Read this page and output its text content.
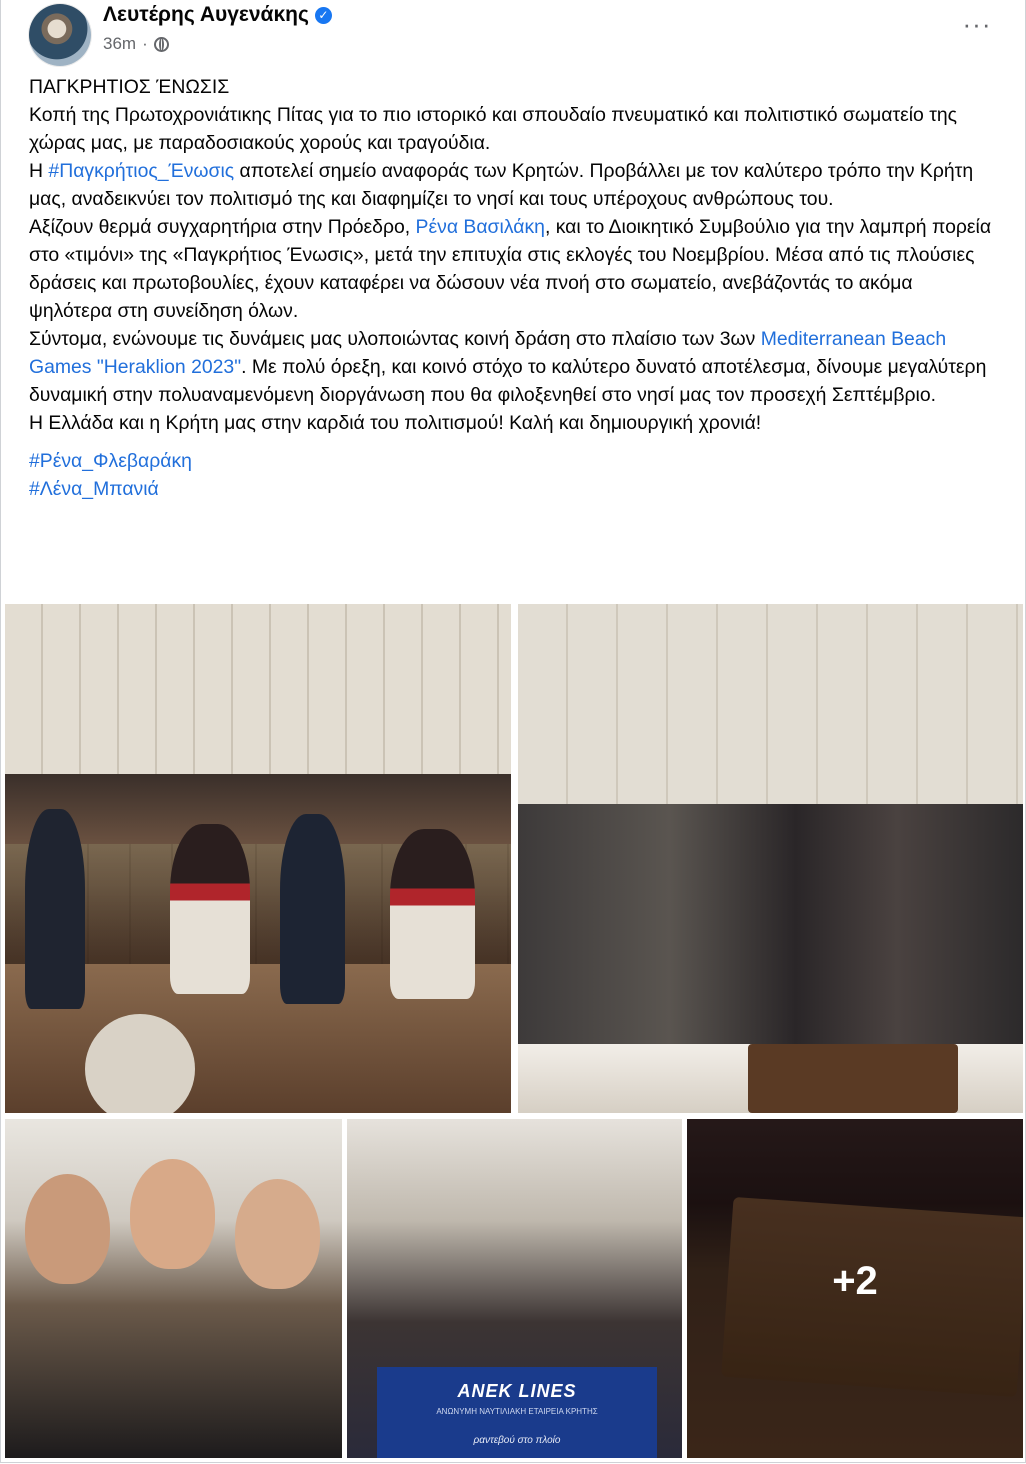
Λευτέρης Αυγενάκης ✓
36m ·
···

ΠΑΓΚΡΗΤΙΟΣ ΈΝΩΣΙΣ

Κοπή της Πρωτοχρονιάτικης Πίτας για το πιο ιστορικό και σπουδαίο πνευματικό και πολιτιστικό σωματείο της χώρας μας, με παραδοσιακούς χορούς και τραγούδια.

Η #Παγκρήτιος_Ένωσις αποτελεί σημείο αναφοράς των Κρητών. Προβάλλει με τον καλύτερο τρόπο την Κρήτη μας, αναδεικνύει τον πολιτισμό της και διαφημίζει το νησί και τους υπέροχους ανθρώπους του.

Αξίζουν θερμά συγχαρητήρια στην Πρόεδρο, Ρένα Βασιλάκη, και το Διοικητικό Συμβούλιο για την λαμπρή πορεία στο «τιμόνι» της «Παγκρήτιος Ένωσις», μετά την επιτυχία στις εκλογές του Νοεμβρίου. Μέσα από τις πλούσιες δράσεις και πρωτοβουλίες, έχουν καταφέρει να δώσουν νέα πνοή στο σωματείο, ανεβάζοντάς το ακόμα ψηλότερα στη συνείδηση όλων.

Σύντομα, ενώνουμε τις δυνάμεις μας υλοποιώντας κοινή δράση στο πλαίσιο των 3ων Mediterranean Beach Games "Heraklion 2023". Με πολύ όρεξη, και κοινό στόχο το καλύτερο δυνατό αποτέλεσμα, δίνουμε μεγαλύτερη δυναμική στην πολυαναμενόμενη διοργάνωση που θα φιλοξενηθεί στο νησί μας τον προσεχή Σεπτέμβριο.

Η Ελλάδα και η Κρήτη μας στην καρδιά του πολιτισμού! Καλή και δημιουργική χρονιά!

#Ρένα_Φλεβαράκη
#Λένα_Μπανιά

ANEK LINES
ΑΝΩΝΥΜΗ ΝΑΥΤΙΛΙΑΚΗ ΕΤΑΙΡΕΙΑ ΚΡΗΤΗΣ
ραντεβού στο πλοίο
+2
